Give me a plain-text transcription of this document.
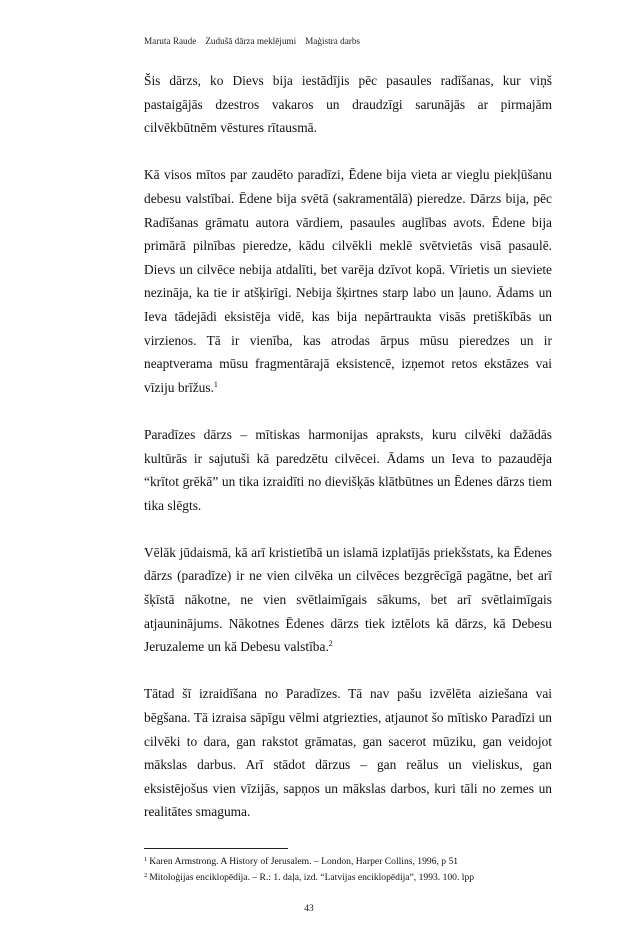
Maruta Raude Zudušā dārza meklējumi Maģistra darbs

Šis dārzs, ko Dievs bija iestādījis pēc pasaules radīšanas, kur viņš pastaigājās dzestros vakaros un draudzīgi sarunājās ar pirmajām cilvēkbūtnēm vēstures rītausmā.

Kā visos mītos par zaudēto paradīzi, Ēdene bija vieta ar vieglu piekļūšanu debesu valstībai. Ēdene bija svētā (sakramentālā) pieredze. Dārzs bija, pēc Radīšanas grāmatu autora vārdiem, pasaules auglības avots. Ēdene bija primārā pilnības pieredze, kādu cilvēkli meklē svētvietās visā pasaulē. Dievs un cilvēce nebija atdalīti, bet varēja dzīvot kopā. Vīrietis un sieviete nezināja, ka tie ir atšķirīgi. Nebija šķirtnes starp labo un ļauno. Ādams un Ieva tādejādi eksistēja vidē, kas bija nepārtraukta visās pretiškībās un virzienos. Tā ir vienība, kas atrodas ārpus mūsu pieredzes un ir neaptverama mūsu fragmentārajā eksistencē, izņemot retos ekstāzes vai vīziju brīžus.$^1$

Paradīzes dārzs – mītiskas harmonijas apraksts, kuru cilvēki dažādās kultūrās ir sajutuši kā paredzētu cilvēcei. Ādams un Ieva to pazaudēja “krītot grēkā” un tika izraidīti no dievišķās klātbūtnes un Ēdenes dārzs tiem tika slēgts.

Vēlāk jūdaismā, kā arī kristietībā un islamā izplatījās priekšstats, ka Ēdenes dārzs (paradīze) ir ne vien cilvēka un cilvēces bezgrēcīgā pagātne, bet arī šķīstā nākotne, ne vien svētlaimīgais sākums, bet arī svētlaimīgais atjauninājums. Nākotnes Ēdenes dārzs tiek iztēlots kā dārzs, kā Debesu Jeruzaleme un kā Debesu valstība.$^2$

Tātad šī izraidīšana no Paradīzes. Tā nav pašu izvēlēta aiziešana vai bēgšana. Tā izraisa sāpīgu vēlmi atgriezties, atjaunot šo mītisko Paradīzi un cilvēki to dara, gan rakstot grāmatas, gan sacerot mūziku, gan veidojot mākslas darbus. Arī stādot dārzus – gan reālus un vieliskus, gan eksistējošus vien vīzijās, sapņos un mākslas darbos, kuri tāli no zemes un realitātes smaguma.

$^1$ Karen Armstrong. A History of Jerusalem. – London, Harper Collins, 1996, p 51
$^2$ Mitoloģijas enciklopēdija. – R.: 1. daļa, izd. “Latvijas enciklopēdija”, 1993. 100. lpp
43
